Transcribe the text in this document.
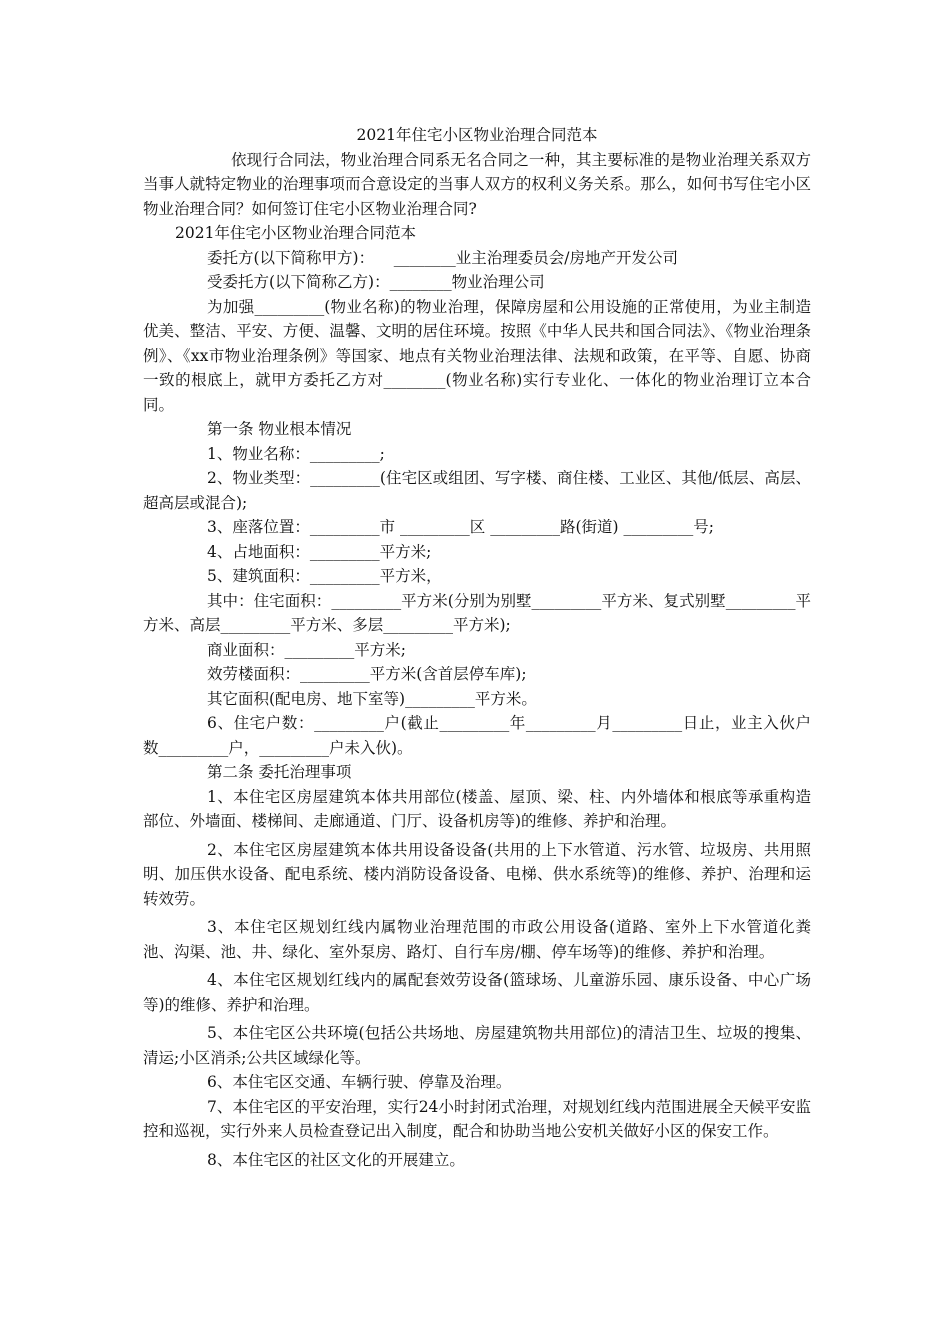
2021年住宅小区物业治理合同范本

依现行合同法，物业治理合同系无名合同之一种，其主要标准的是物业治理关系双方当事人就特定物业的治理事项而合意设定的当事人双方的权利义务关系。那么，如何书写住宅小区物业治理合同？如何签订住宅小区物业治理合同?

2021年住宅小区物业治理合同范本

委托方(以下简称甲方)：    ________业主治理委员会/房地产开发公司

受委托方(以下简称乙方)：________物业治理公司

为加强_________(物业名称)的物业治理，保障房屋和公用设施的正常使用，为业主制造优美、整洁、平安、方便、温馨、文明的居住环境。按照《中华人民共和国合同法》、《物业治理条例》、《xx市物业治理条例》等国家、地点有关物业治理法律、法规和政策，在平等、自愿、协商一致的根底上，就甲方委托乙方对________(物业名称)实行专业化、一体化的物业治理订立本合同。

第一条 物业根本情况

1、物业名称：_________;

2、物业类型：_________(住宅区或组团、写字楼、商住楼、工业区、其他/低层、高层、超高层或混合);

3、座落位置：_________市 _________区 _________路(街道) _________号;

4、占地面积：_________平方米;

5、建筑面积：_________平方米，

其中：住宅面积：_________平方米(分别为别墅_________平方米、复式别墅_________平方米、高层_________平方米、多层_________平方米);

商业面积：_________平方米;

效劳楼面积：_________平方米(含首层停车库);

其它面积(配电房、地下室等)_________平方米。

6、住宅户数：_________户(截止_________年_________月_________日止，业主入伙户数_________户，_________户未入伙)。

第二条 委托治理事项

1、本住宅区房屋建筑本体共用部位(楼盖、屋顶、梁、柱、内外墙体和根底等承重构造部位、外墙面、楼梯间、走廊通道、门厅、设备机房等)的维修、养护和治理。

2、本住宅区房屋建筑本体共用设备设备(共用的上下水管道、污水管、垃圾房、共用照明、加压供水设备、配电系统、楼内消防设备设备、电梯、供水系统等)的维修、养护、治理和运转效劳。

3、本住宅区规划红线内属物业治理范围的市政公用设备(道路、室外上下水管道化粪池、沟渠、池、井、绿化、室外泵房、路灯、自行车房/棚、停车场等)的维修、养护和治理。

4、本住宅区规划红线内的属配套效劳设备(篮球场、儿童游乐园、康乐设备、中心广场等)的维修、养护和治理。

5、本住宅区公共环境(包括公共场地、房屋建筑物共用部位)的清洁卫生、垃圾的搜集、清运;小区消杀;公共区域绿化等。

6、本住宅区交通、车辆行驶、停靠及治理。

7、本住宅区的平安治理，实行24小时封闭式治理，对规划红线内范围进展全天候平安监控和巡视，实行外来人员检查登记出入制度，配合和协助当地公安机关做好小区的保安工作。

8、本住宅区的社区文化的开展建立。
